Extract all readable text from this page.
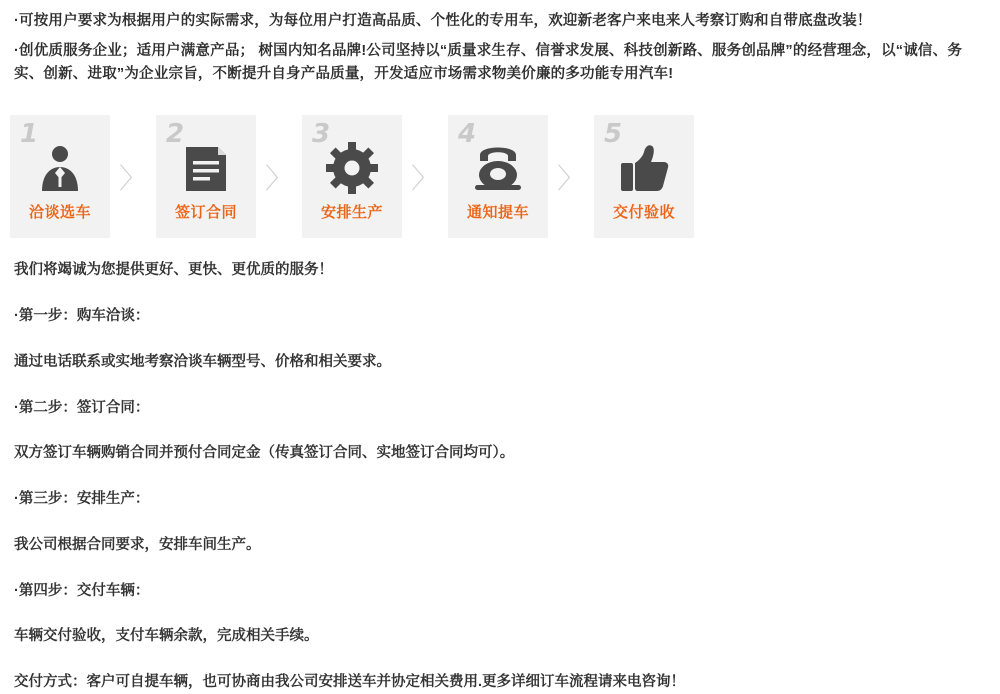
·可按用户要求为根据用户的实际需求，为每位用户打造高品质、个性化的专用车，欢迎新老客户来电来人考察订购和自带底盘改装！

·创优质服务企业；适用户满意产品； 树国内知名品牌!公司坚持以“质量求生存、信誉求发展、科技创新路、服务创品牌”的经营理念，以“诚信、务实、创新、进取”为企业宗旨，不断提升自身产品质量，开发适应市场需求物美价廉的多功能专用汽车!

1
洽谈选车
〉
2
签订合同
〉
3
安排生产
〉
4
通知提车
〉
5
交付验收

我们将竭诚为您提供更好、更快、更优质的服务！

·第一步：购车洽谈：

通过电话联系或实地考察洽谈车辆型号、价格和相关要求。

·第二步：签订合同：

双方签订车辆购销合同并预付合同定金（传真签订合同、实地签订合同均可）。

·第三步：安排生产：

我公司根据合同要求，安排车间生产。

·第四步：交付车辆：

车辆交付验收，支付车辆余款，完成相关手续。

交付方式：客户可自提车辆，也可协商由我公司安排送车并协定相关费用.更多详细订车流程请来电咨询！
